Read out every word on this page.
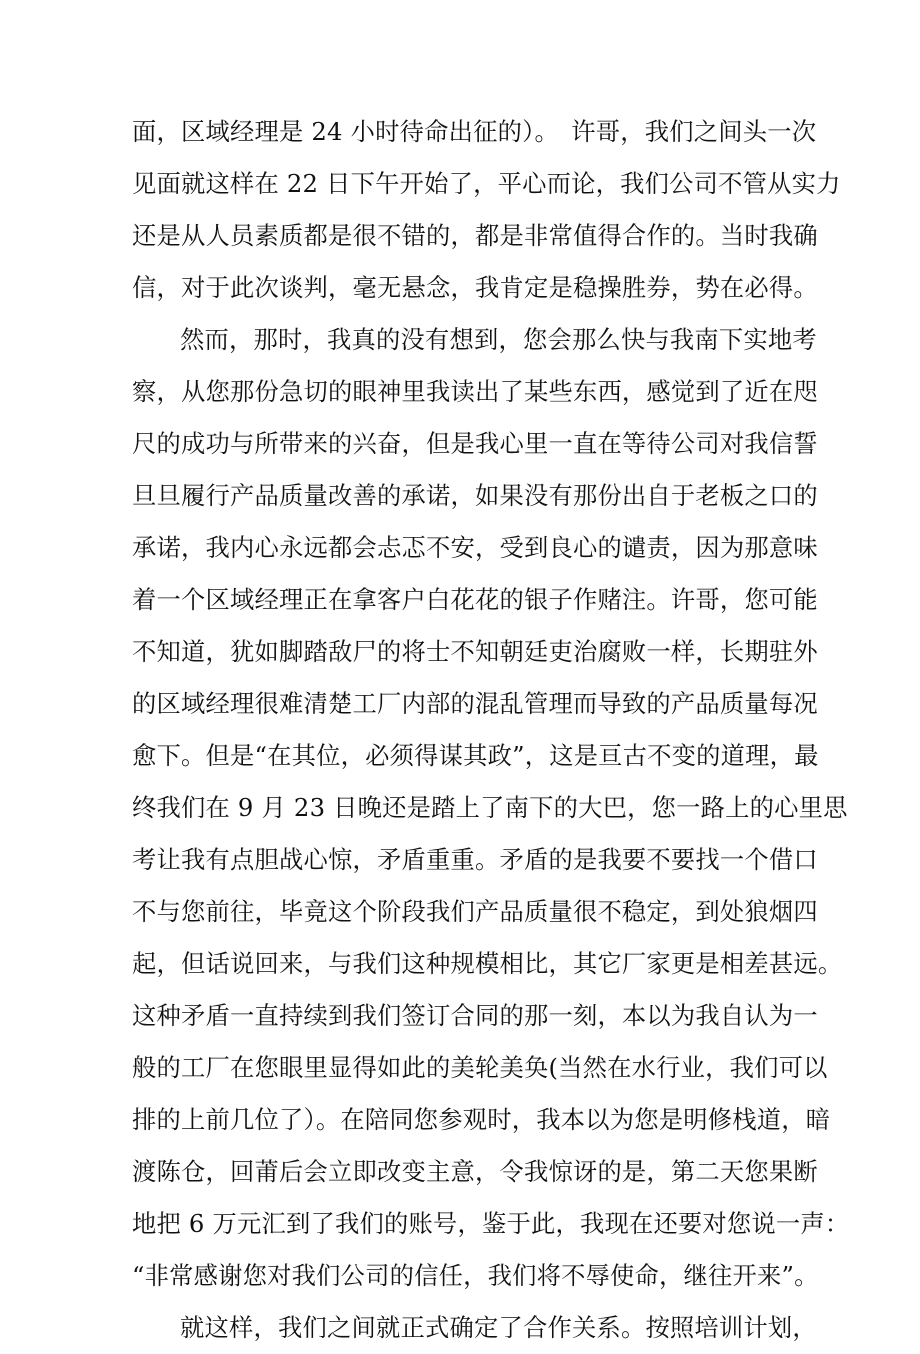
面，区域经理是 24 小时待命出征的）。　许哥，我们之间头一次
见面就这样在 22 日下午开始了，平心而论，我们公司不管从实力
还是从人员素质都是很不错的，都是非常值得合作的。当时我确
信，对于此次谈判，毫无悬念，我肯定是稳操胜券，势在必得。
然而，那时，我真的没有想到，您会那么快与我南下实地考
察，从您那份急切的眼神里我读出了某些东西，感觉到了近在咫
尺的成功与所带来的兴奋，但是我心里一直在等待公司对我信誓
旦旦履行产品质量改善的承诺，如果没有那份出自于老板之口的
承诺，我内心永远都会忐忑不安，受到良心的谴责，因为那意味
着一个区域经理正在拿客户白花花的银子作赌注。许哥，您可能
不知道，犹如脚踏敌尸的将士不知朝廷吏治腐败一样，长期驻外
的区域经理很难清楚工厂内部的混乱管理而导致的产品质量每况
愈下。但是“在其位，必须得谋其政”，这是亘古不变的道理，最
终我们在 9 月 23 日晚还是踏上了南下的大巴，您一路上的心里思
考让我有点胆战心惊，矛盾重重。矛盾的是我要不要找一个借口
不与您前往，毕竟这个阶段我们产品质量很不稳定，到处狼烟四
起，但话说回来，与我们这种规模相比，其它厂家更是相差甚远。
这种矛盾一直持续到我们签订合同的那一刻，本以为我自认为一
般的工厂在您眼里显得如此的美轮美奂(当然在水行业，我们可以
排的上前几位了）。在陪同您参观时，我本以为您是明修栈道，暗
渡陈仓，回莆后会立即改变主意，令我惊讶的是，第二天您果断
地把 6 万元汇到了我们的账号，鉴于此，我现在还要对您说一声：
“非常感谢您对我们公司的信任，我们将不辱使命，继往开来”。
就这样，我们之间就正式确定了合作关系。按照培训计划，
